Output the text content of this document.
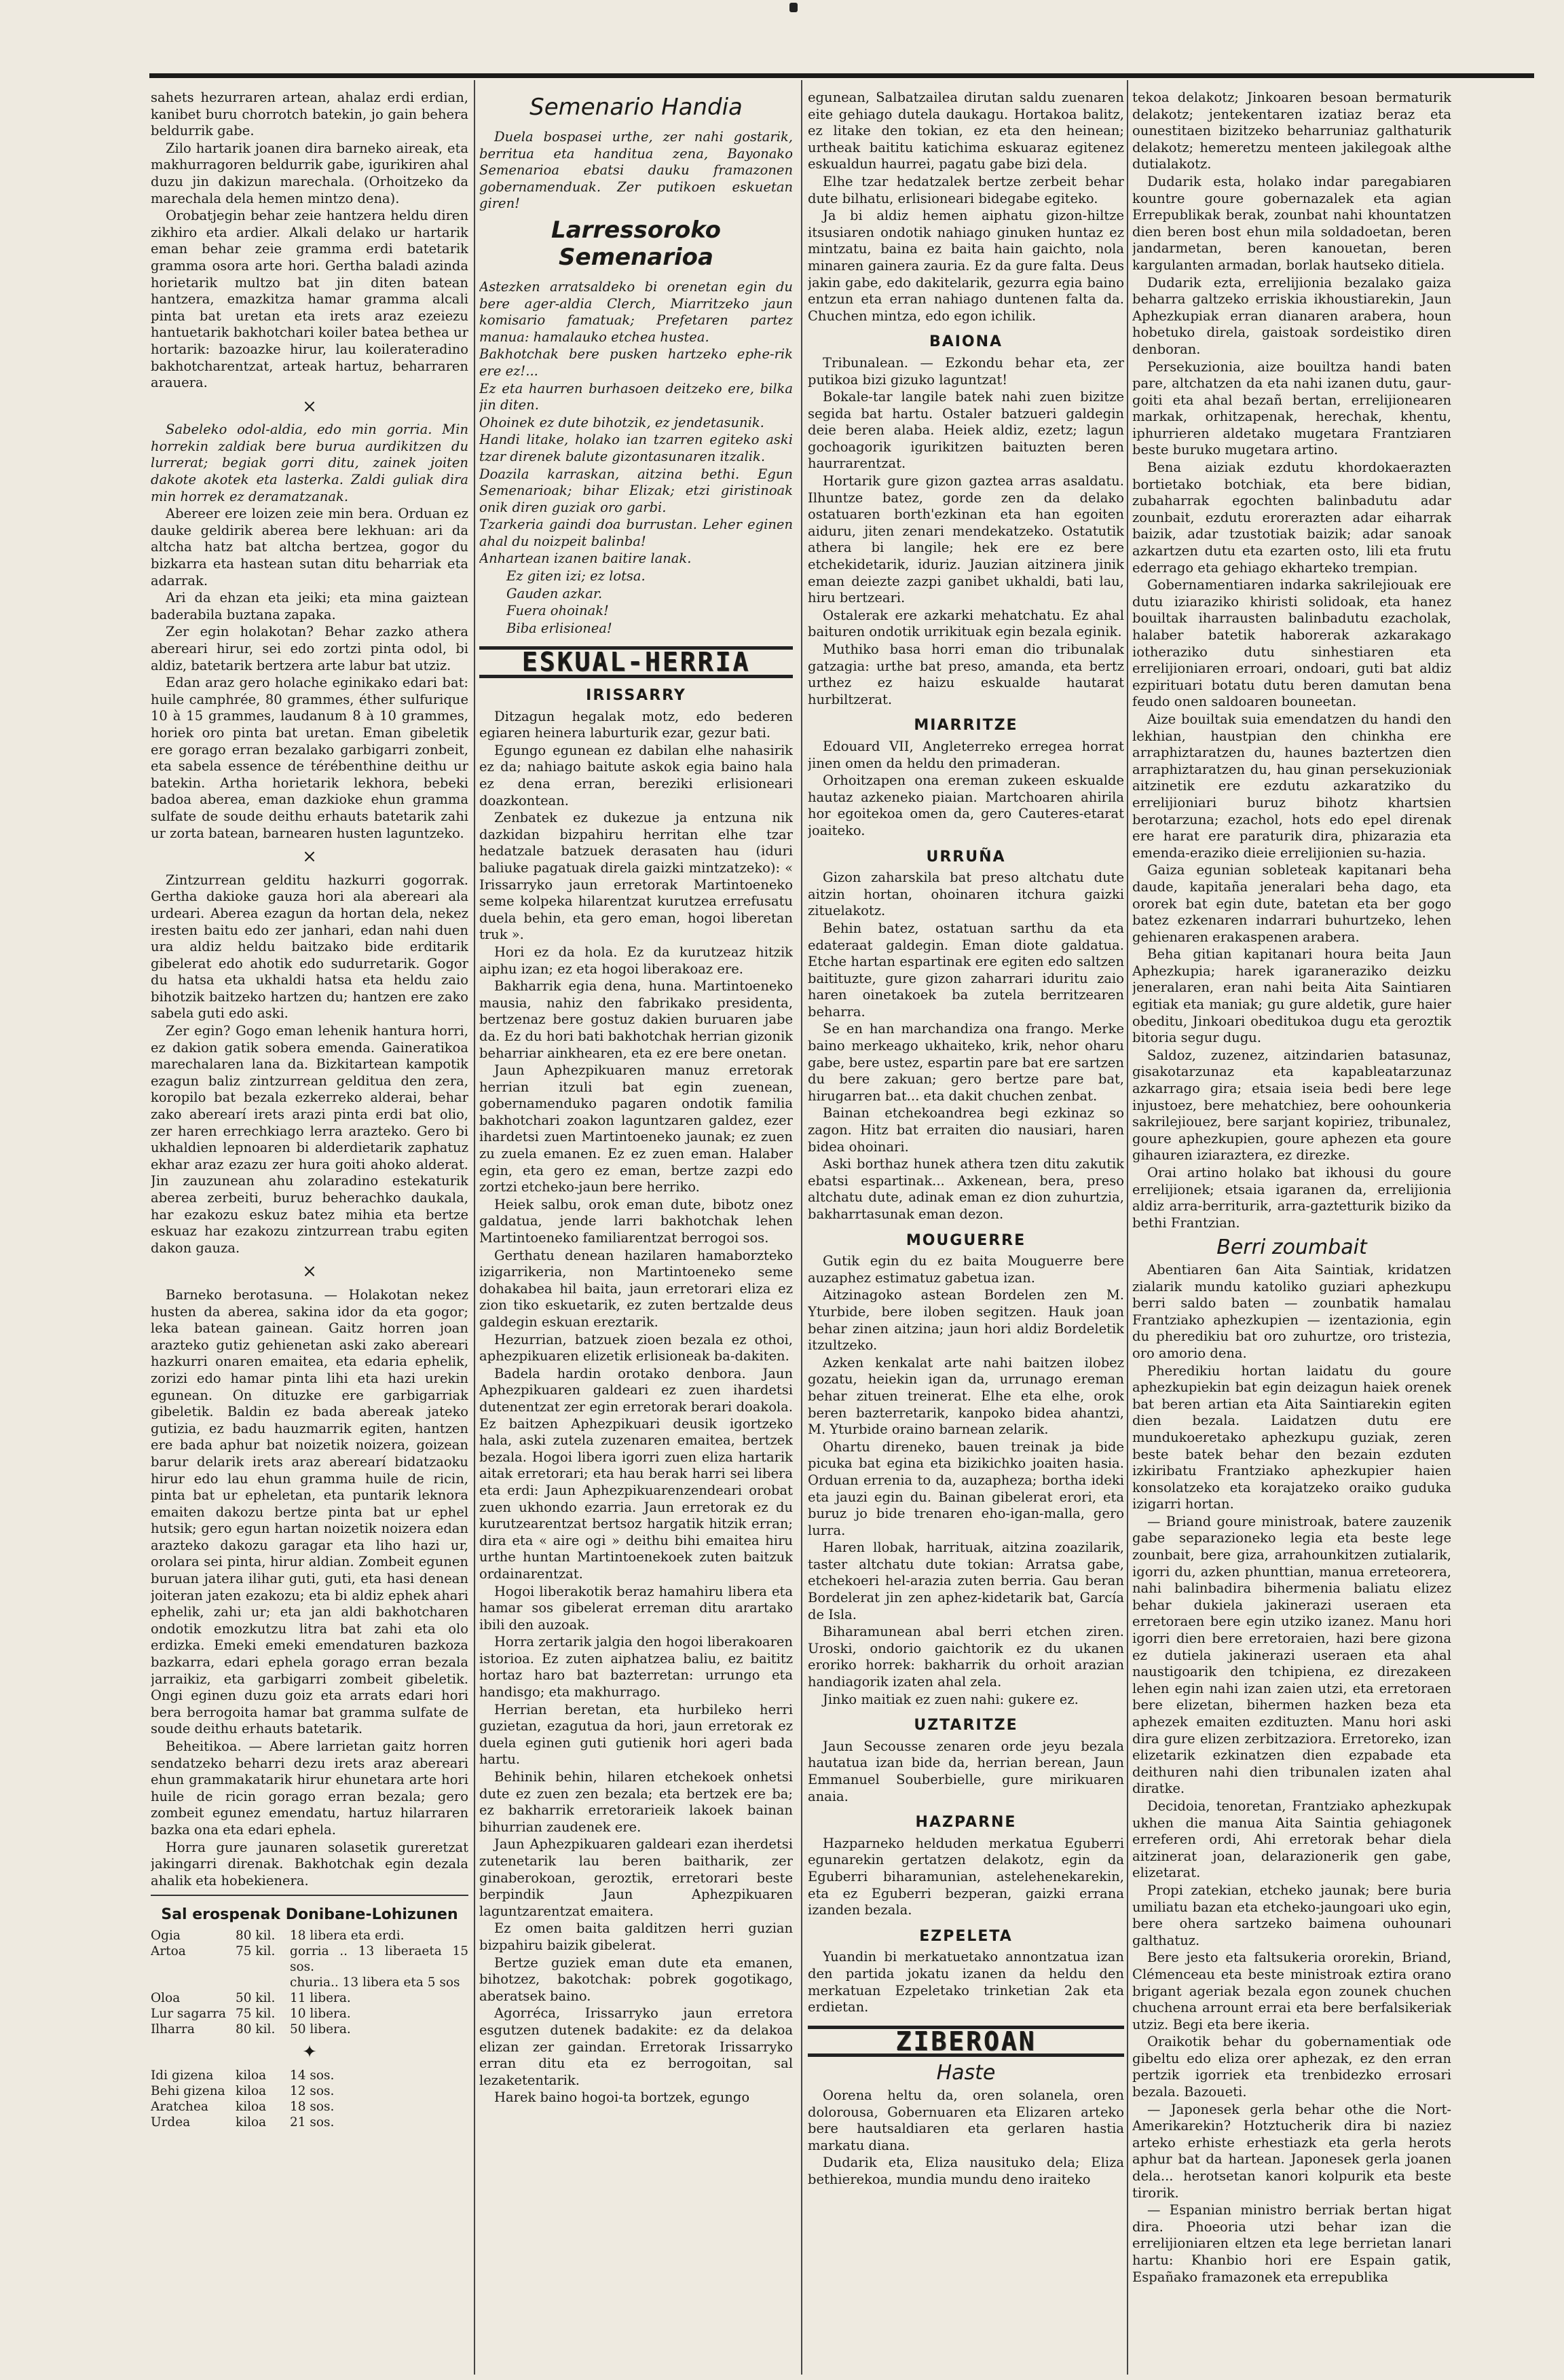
sahets hezurraren artean, ahalaz erdi erdian, kanibet buru chorrotch batekin, jo gain behera beldurrik gabe.

Zilo hartarik joanen dira barneko aireak, eta makhurragoren beldurrik gabe, igurikiren ahal duzu jin dakizun marechala. (Orhoitzeko da marechala dela hemen mintzo dena).

Orobatjegin behar zeie hantzera heldu diren zikhiro eta ardier. Alkali delako ur hartarik eman behar zeie gramma erdi batetarik gramma osora arte hori. Gertha baladi azinda horietarik multzo bat jin diten batean hantzera, emazkitza hamar gramma alcali pinta bat uretan eta irets araz ezeiezu hantuetarik bakhotchari koiler batea bethea ur hortarik: bazoazke hirur, lau koilerateradino bakhotcharentzat, arteak hartuz, beharraren arauera.

×

Sabeleko odol-aldia, edo min gorria. Min horrekin zaldiak bere burua aurdikitzen du lurrerat; begiak gorri ditu, zainek joiten dakote akotek eta lasterka. Zaldi guliak dira min horrek ez deramatzanak.

Abereer ere loizen zeie min bera. Orduan ez dauke geldirik aberea bere lekhuan: ari da altcha hatz bat altcha bertzea, gogor du bizkarra eta hastean sutan ditu beharriak eta adarrak.

Ari da ehzan eta jeiki; eta mina gaiztean baderabila buztana zapaka.

Zer egin holakotan? Behar zazko athera abereari hirur, sei edo zortzi pinta odol, bi aldiz, batetarik bertzera arte labur bat utziz.

Edan araz gero holache eginikako edari bat: huile camphrée, 80 grammes, éther sulfurique 10 à 15 grammes, laudanum 8 à 10 grammes, horiek oro pinta bat uretan. Eman gibeletik ere gorago erran bezalako garbigarri zonbeit, eta sabela essence de térébenthine deithu ur batekin. Artha horietarik lekhora, bebeki badoa aberea, eman dazkioke ehun gramma sulfate de soude deithu erhauts batetarik zahi ur zorta batean, barnearen husten laguntzeko.

×

Zintzurrean gelditu hazkurri gogorrak. Gertha dakioke gauza hori ala abereari ala urdeari. Aberea ezagun da hortan dela, nekez iresten baitu edo zer janhari, edan nahi duen ura aldiz heldu baitzako bide erditarik gibelerat edo ahotik edo sudurretarik. Gogor du hatsa eta ukhaldi hatsa eta heldu zaio bihotzik baitzeko hartzen du; hantzen ere zako sabela guti edo aski.

Zer egin? Gogo eman lehenik hantura horri, ez dakion gatik sobera emenda. Gaineratikoa marechalaren lana da. Bizkitartean kampotik ezagun baliz zintzurrean gelditua den zera, koropilo bat bezala ezkerreko alderai, behar zako aberearí irets arazi pinta erdi bat olio, zer haren errechkiago lerra arazteko. Gero bi ukhaldien lepnoaren bi alderdietarik zaphatuz ekhar araz ezazu zer hura goiti ahoko alderat. Jin zauzunean ahu zolaradino estekaturik aberea zerbeiti, buruz beherachko daukala, har ezakozu eskuz batez mihia eta bertze eskuaz har ezakozu zintzurrean trabu egiten dakon gauza.

×

Barneko berotasuna. — Holakotan nekez husten da aberea, sakina idor da eta gogor; leka batean gainean. Gaitz horren joan arazteko gutiz gehienetan aski zako abereari hazkurri onaren emaitea, eta edaria ephelik, zorizi edo hamar pinta lihi eta hazi urekin egunean. On dituzke ere garbigarriak gibeletik. Baldin ez bada abereak jateko gutizia, ez badu hauzmarrik egiten, hantzen ere bada aphur bat noizetik noizera, goizean barur delarik irets araz aberearí bidatzaoku hirur edo lau ehun gramma huile de ricin, pinta bat ur epheletan, eta puntarik leknora emaiten dakozu bertze pinta bat ur ephel hutsik; gero egun hartan noizetik noizera edan arazteko dakozu garagar eta liho hazi ur, orolara sei pinta, hirur aldian. Zombeit egunen buruan jatera ilihar guti, guti, eta hasi denean joiteran jaten ezakozu; eta bi aldiz ephek ahari ephelik, zahi ur; eta jan aldi bakhotcharen ondotik emozkutzu litra bat zahi eta olo erdizka. Emeki emeki emendaturen bazkoza bazkarra, edari ephela gorago erran bezala jarraikiz, eta garbigarri zombeit gibeletik. Ongi eginen duzu goiz eta arrats edari hori bera berrogoita hamar bat gramma sulfate de soude deithu erhauts batetarik.

Beheitikoa. — Abere larrietan gaitz horren sendatzeko beharri dezu irets araz abereari ehun grammakatarik hirur ehunetara arte hori huile de ricin gorago erran bezala; gero zombeit egunez emendatu, hartuz hilarraren bazka ona eta edari ephela.

Horra gure jaunaren solasetik gureretzat jakingarri direnak. Bakhotchak egin dezala ahalik eta hobekienera.

Sal erospenak Donibane-Lohizunen
Ogia	80 kil.	18 libera eta erdi.
Artoa	75 kil.	gorria .. 13 liberaeta 15 sos.
churia.. 13 libera eta 5 sos
Oloa	50 kil.	11 libera.
Lur sagarra 75 kil.	10 libera.
Ilharra	80 kil.	50 libera.
✦
Idi gizena	kiloa	14 sos.
Behi gizena kiloa	12 sos.
Aratchea	kiloa	18 sos.
Urdea	kiloa	21 sos.
Semenario Handia

Duela bospasei urthe, zer nahi gostarik, berritua eta handitua zena, Bayonako Semenarioa ebatsi dauku framazonen gobernamenduak. Zer putikoen eskuetan giren!

Larressoroko Semenarioa

Astezken arratsaldeko bi orenetan egin du bere ager-aldia Clerch, Miarritzeko jaun komisario famatuak; Prefetaren partez manua: hamalauko etchea hustea.

Bakhotchak bere pusken hartzeko ephe-rik ere ez!...

Ez eta haurren burhasoen deitzeko ere, bilka jin diten.

Ohoinek ez dute bihotzik, ez jendetasunik.

Handi litake, holako ian tzarren egiteko aski tzar direnek balute gizontasunaren itzalik.

Doazila karraskan, aitzina bethi. Egun Semenarioak; bihar Elizak; etzi giristinoak onik diren guziak oro garbi.

Tzarkeria gaindi doa burrustan. Leher eginen ahal du noizpeit balinba!

Anhartean izanen baitire lanak.

Ez giten izi; ez lotsa.

Gauden azkar.

Fuera ohoinak!

Biba erlisionea!

ESKUAL-HERRIA
IRISSARRY

Ditzagun hegalak motz, edo bederen egiaren heinera laburturik ezar, gezur bati.

Egungo egunean ez dabilan elhe nahasirik ez da; nahiago baitute askok egia baino hala ez dena erran, bereziki erlisioneari doazkontean.

Zenbatek ez dukezue ja entzuna nik dazkidan bizpahiru herritan elhe tzar hedatzale batzuek derasaten hau (iduri baliuke pagatuak direla gaizki mintzatzeko): « Irissarryko jaun erretorak Martintoeneko seme kolpeka hilarentzat kurutzea errefusatu duela behin, eta gero eman, hogoi liberetan truk ».

Hori ez da hola. Ez da kurutzeaz hitzik aiphu izan; ez eta hogoi liberakoaz ere.

Bakharrik egia dena, huna. Martintoeneko mausia, nahiz den fabrikako presidenta, bertzenaz bere gostuz dakien buruaren jabe da. Ez du hori bati bakhotchak herrian gizonik beharriar ainkhearen, eta ez ere bere onetan.

Jaun Aphezpikuaren manuz erretorak herrian itzuli bat egin zuenean, gobernamenduko pagaren ondotik familia bakhotchari zoakon laguntzaren galdez, ezer ihardetsi zuen Martintoeneko jaunak; ez zuen zu zuela emanen. Ez ez zuen eman. Halaber egin, eta gero ez eman, bertze zazpi edo zortzi etcheko-jaun bere herriko.

Heiek salbu, orok eman dute, bibotz onez galdatua, jende larri bakhotchak lehen Martintoeneko familiarentzat berrogoi sos.

Gerthatu denean hazilaren hamaborzteko izigarrikeria, non Martintoeneko seme dohakabea hil baita, jaun erretorari eliza ez zion tiko eskuetarik, ez zuten bertzalde deus galdegin eskuan ereztarik.

Hezurrian, batzuek zioen bezala ez othoi, aphezpikuaren elizetik erlisioneak ba-dakiten.

Badela hardin orotako denbora. Jaun Aphezpikuaren galdeari ez zuen ihardetsi dutenentzat zer egin erretorak berari doakola. Ez baitzen Aphezpikuari deusik igortzeko hala, aski zutela zuzenaren emaitea, bertzek bezala. Hogoi libera igorri zuen eliza hartarik aitak erretorari; eta hau berak harri sei libera eta erdi: Jaun Aphezpikuarenzendeari orobat zuen ukhondo ezarria. Jaun erretorak ez du kurutzearentzat bertsoz hargatik hitzik erran; dira eta « aire ogi » deithu bihi emaitea hiru urthe huntan Martintoenekoek zuten baitzuk ordainarentzat.

Hogoi liberakotik beraz hamahiru libera eta hamar sos gibelerat erreman ditu arartako ibili den auzoak.

Horra zertarik jalgia den hogoi liberakoaren istorioa. Ez zuten aiphatzea baliu, ez baititz hortaz haro bat bazterretan: urrungo eta handisgo; eta makhurrago.

Herrian beretan, eta hurbileko herri guzietan, ezagutua da hori, jaun erretorak ez duela eginen guti gutienik hori ageri bada hartu.

Behinik behin, hilaren etchekoek onhetsi dute ez zuen zen bezala; eta bertzek ere ba; ez bakharrik erretorarieik lakoek bainan bihurrian zaudenek ere.

Jaun Aphezpikuaren galdeari ezan iherdetsi zutenetarik lau beren baitharik, zer ginaberokoan, geroztik, erretorari beste berpindik Jaun Aphezpikuaren laguntzarentzat emaitera.

Ez omen baita galditzen herri guzian bizpahiru baizik gibelerat.

Bertze guziek eman dute eta emanen, bihotzez, bakotchak: pobrek gogotikago, aberatsek baino.

Agorréca, Irissarryko jaun erretora esgutzen dutenek badakite: ez da delakoa elizan zer gaindan. Erretorak Irissarryko erran ditu eta ez berrogoitan, sal lezaketentarik.

Harek baino hogoi-ta bortzek, egungo

egunean, Salbatzailea dirutan saldu zuenaren eite gehiago dutela daukagu. Hortakoa balitz, ez litake den tokian, ez eta den heinean; urtheak baititu katichima eskuaraz egitenez eskualdun haurrei, pagatu gabe bizi dela.

Elhe tzar hedatzalek bertze zerbeit behar dute bilhatu, erlisioneari bidegabe egiteko.

Ja bi aldiz hemen aiphatu gizon-hiltze itsusiaren ondotik nahiago ginuken huntaz ez mintzatu, baina ez baita hain gaichto, nola minaren gainera zauria. Ez da gure falta. Deus jakin gabe, edo dakitelarik, gezurra egia baino entzun eta erran nahiago duntenen falta da. Chuchen mintza, edo egon ichilik.

BAIONA

Tribunalean. — Ezkondu behar eta, zer putikoa bizi gizuko laguntzat!

Bokale-tar langile batek nahi zuen bizitze segida bat hartu. Ostaler batzueri galdegin deie beren alaba. Heiek aldiz, ezetz; lagun gochoagorik igurikitzen baituzten beren haurrarentzat.

Hortarik gure gizon gaztea arras asaldatu. Ilhuntze batez, gorde zen da delako ostatuaren borth'ezkinan eta han egoiten aiduru, jiten zenari mendekatzeko. Ostatutik athera bi langile; hek ere ez bere etchekidetarik, iduriz. Jauzian aitzinera jinik eman deiezte zazpi ganibet ukhaldi, bati lau, hiru bertzeari.

Ostalerak ere azkarki mehatchatu. Ez ahal baituren ondotik urrikituak egin bezala eginik.

Muthiko basa horri eman dio tribunalak gatzagia: urthe bat preso, amanda, eta bertz urthez ez haizu eskualde hautarat hurbiltzerat.

MIARRITZE

Edouard VII, Angleterreko erregea horrat jinen omen da heldu den primaderan.

Orhoitzapen ona ereman zukeen eskualde hautaz azkeneko piaian. Martchoaren ahirila hor egoitekoa omen da, gero Cauteres-etarat joaiteko.

URRUÑA

Gizon zaharskila bat preso altchatu dute aitzin hortan, ohoinaren itchura gaizki zituelakotz.

Behin batez, ostatuan sarthu da eta edateraat galdegin. Eman diote galdatua. Etche hartan espartinak ere egiten edo saltzen baitituzte, gure gizon zaharrari iduritu zaio haren oinetakoek ba zutela berritzearen beharra.

Se en han marchandiza ona frango. Merke baino merkeago ukhaiteko, krik, nehor oharu gabe, bere ustez, espartin pare bat ere sartzen du bere zakuan; gero bertze pare bat, hirugarren bat... eta dakit chuchen zenbat.

Bainan etchekoandrea begi ezkinaz so zagon. Hitz bat erraiten dio nausiari, haren bidea ohoinari.

Aski borthaz hunek athera tzen ditu zakutik ebatsi espartinak... Axkenean, bera, preso altchatu dute, adinak eman ez dion zuhurtzia, bakharrtasunak eman dezon.

MOUGUERRE

Gutik egin du ez baita Mouguerre bere auzaphez estimatuz gabetua izan.

Aitzinagoko astean Bordelen zen M. Yturbide, bere iloben segitzen. Hauk joan behar zinen aitzina; jaun hori aldiz Bordeletik itzultzeko.

Azken kenkalat arte nahi baitzen ilobez gozatu, heiekin igan da, urrunago ereman behar zituen treinerat. Elhe eta elhe, orok beren bazterretarik, kanpoko bidea ahantzi, M. Yturbide oraino barnean zelarik.

Ohartu direneko, bauen treinak ja bide picuka bat egina eta bizikichko joaiten hasia. Orduan errenia to da, auzapheza; bortha ideki eta jauzi egin du. Bainan gibelerat erori, eta buruz jo bide trenaren eho-igan-malla, gero lurra.

Haren llobak, harrituak, aitzina zoazilarik, taster altchatu dute tokian: Arratsa gabe, etchekoeri hel-arazia zuten berria. Gau beran Bordelerat jin zen aphez-kidetarik bat, García de Isla.

Biharamunean abal berri etchen ziren. Uroski, ondorio gaichtorik ez du ukanen eroriko horrek: bakharrik du orhoit arazian handiagorik izaten ahal zela.

Jinko maitiak ez zuen nahi: gukere ez.

UZTARITZE

Jaun Secousse zenaren orde jeyu bezala hautatua izan bide da, herrian berean, Jaun Emmanuel Souberbielle, gure mirikuaren anaia.

HAZPARNE

Hazparneko helduden merkatua Eguberri egunarekin gertatzen delakotz, egin da Eguberri biharamunian, astelehenekarekin, eta ez Eguberri bezperan, gaizki errana izanden bezala.

EZPELETA

Yuandin bi merkatuetako annontzatua izan den partida jokatu izanen da heldu den merkatuan Ezpeletako trinketian 2ak eta erdietan.

ZIBEROAN
Haste

Oorena heltu da, oren solanela, oren dolorousa, Gobernuaren eta Elizaren arteko bere hautsaldiaren eta gerlaren hastia markatu diana.

Dudarik eta, Eliza nausituko dela; Eliza bethierekoa, mundia mundu deno iraiteko

tekoa delakotz; Jinkoaren besoan bermaturik delakotz; jentekentaren izatiaz beraz eta ounestitaen bizitzeko beharruniaz galthaturik delakotz; hemeretzu menteen jakilegoak althe dutialakotz.

Dudarik esta, holako indar paregabiaren kountre goure gobernazalek eta agian Errepublikak berak, zounbat nahi khountatzen dien beren bost ehun mila soldadoetan, beren jandarmetan, beren kanouetan, beren kargulanten armadan, borlak hautseko ditiela.

Dudarik ezta, errelijionia bezalako gaiza beharra galtzeko erriskia ikhoustiarekin, Jaun Aphezkupiak erran dianaren arabera, houn hobetuko direla, gaistoak sordeistiko diren denboran.

Persekuzionia, aize bouiltza handi baten pare, altchatzen da eta nahi izanen dutu, gaur-goiti eta ahal bezañ bertan, errelijionearen markak, orhitzapenak, herechak, khentu, iphurrieren aldetako mugetara Frantziaren beste buruko mugetara artino.

Bena aiziak ezdutu khordokaerazten bortietako botchiak, eta bere bidian, zubaharrak egochten balinbadutu adar zounbait, ezdutu erorerazten adar eiharrak baizik, adar tzustotiak baizik; adar sanoak azkartzen dutu eta ezarten osto, lili eta frutu ederrago eta gehiago ekharteko trempian.

Gobernamentiaren indarka sakrilejiouak ere dutu iziaraziko khiristi solidoak, eta hanez bouiltak iharrausten balinbadutu ezacholak, halaber batetik haborerak azkarakago iotheraziko dutu sinhestiaren eta errelijioniaren erroari, ondoari, guti bat aldiz ezpirituari botatu dutu beren damutan bena feudo onen saldoaren bouneetan.

Aize bouiltak suia emendatzen du handi den lekhian, haustpian den chinkha ere arraphiztaratzen du, haunes baztertzen dien arraphiztaratzen du, hau ginan persekuzioniak aitzinetik ere ezdutu azkaratziko du errelijioniari buruz bihotz khartsien berotarzuna; ezachol, hots edo epel direnak ere harat ere paraturik dira, phizarazia eta emenda-eraziko dieie errelijionien su-hazia.

Gaiza egunian sobleteak kapitanari beha daude, kapitaña jeneralari beha dago, eta ororek bat egin dute, batetan eta ber gogo batez ezkenaren indarrari buhurtzeko, lehen gehienaren erakaspenen arabera.

Beha gitian kapitanari houra beita Jaun Aphezkupia; harek igaraneraziko deizku jeneralaren, eran nahi beita Aita Saintiaren egitiak eta maniak; gu gure aldetik, gure haier obeditu, Jinkoari obeditukoa dugu eta geroztik bitoria segur dugu.

Saldoz, zuzenez, aitzindarien batasunaz, gisakotarzunaz eta kapableatarzunaz azkarrago gira; etsaia iseia bedi bere lege injustoez, bere mehatchiez, bere oohounkeria sakrilejiouez, bere sarjant kopiriez, tribunalez, goure aphezkupien, goure aphezen eta goure gihauren iziaraztera, ez direzke.

Orai artino holako bat ikhousi du goure errelijionek; etsaia igaranen da, errelijionia aldiz arra-berriturik, arra-gaztetturik biziko da bethi Frantzian.

Berri zoumbait

Abentiaren 6an Aita Saintiak, kridatzen zialarik mundu katoliko guziari aphezkupu berri saldo baten — zounbatik hamalau Frantziako aphezkupien — izentazionia, egin du pheredikiu bat oro zuhurtze, oro tristezia, oro amorio dena.

Pheredikiu hortan laidatu du goure aphezkupiekin bat egin deizagun haiek orenek bat beren artian eta Aita Saintiarekin egiten dien bezala. Laidatzen dutu ere mundukoeretako aphezkupu guziak, zeren beste batek behar den bezain ezduten izkiribatu Frantziako aphezkupier haien konsolatzeko eta korajatzeko oraiko guduka izigarri hortan.

— Briand goure ministroak, batere zauzenik gabe separazioneko legia eta beste lege zounbait, bere giza, arrahounkitzen zutialarik, igorri du, azken phunttian, manua erreteorera, nahi balinbadira bihermenia baliatu elizez behar dukiela jakinerazi useraen eta erretoraen bere egin utziko izanez. Manu hori igorri dien bere erretoraien, hazi bere gizona ez dutiela jakinerazi useraen eta ahal naustigoarik den tchipiena, ez direzakeen lehen egin nahi izan zaien utzi, eta erretoraen bere elizetan, bihermen hazken beza eta aphezek emaiten ezdituzten. Manu hori aski dira gure elizen zerbitzaziora. Erretoreko, izan elizetarik ezkinatzen dien ezpabade eta deithuren nahi dien tribunalen izaten ahal diratke.

Decidoia, tenoretan, Frantziako aphezkupak ukhen die manua Aita Saintia gehiagonek erreferen ordi, Ahi erretorak behar diela aitzinerat joan, delarazionerik gen gabe, elizetarat.

Propi zatekian, etcheko jaunak; bere buria umiliatu bazan eta etcheko-jaungoari uko egin, bere ohera sartzeko baimena ouhounari galthatuz.

Bere jesto eta faltsukeria ororekin, Briand, Clémenceau eta beste ministroak eztira orano brigant ageriak bezala egon zounek chuchen chuchena arrount errai eta bere berfalsikeriak utziz. Begi eta bere ikeria.

Oraikotik behar du gobernamentiak ode gibeltu edo eliza orer aphezak, ez den erran pertzik igorriek eta trenbidezko errosari bezala. Bazoueti.

— Japonesek gerla behar othe die Nort-Amerikarekin? Hotztucherik dira bi naziez arteko erhiste erhestiazk eta gerla herots aphur bat da hartean. Japonesek gerla joanen dela... herotsetan kanori kolpurik eta beste tirorik.

— Espanian ministro berriak bertan higat dira. Phoeoria utzi behar izan die errelijioniaren eltzen eta lege berrietan lanari hartu: Khanbio hori ere Espain gatik, Españako framazonek eta errepublika
